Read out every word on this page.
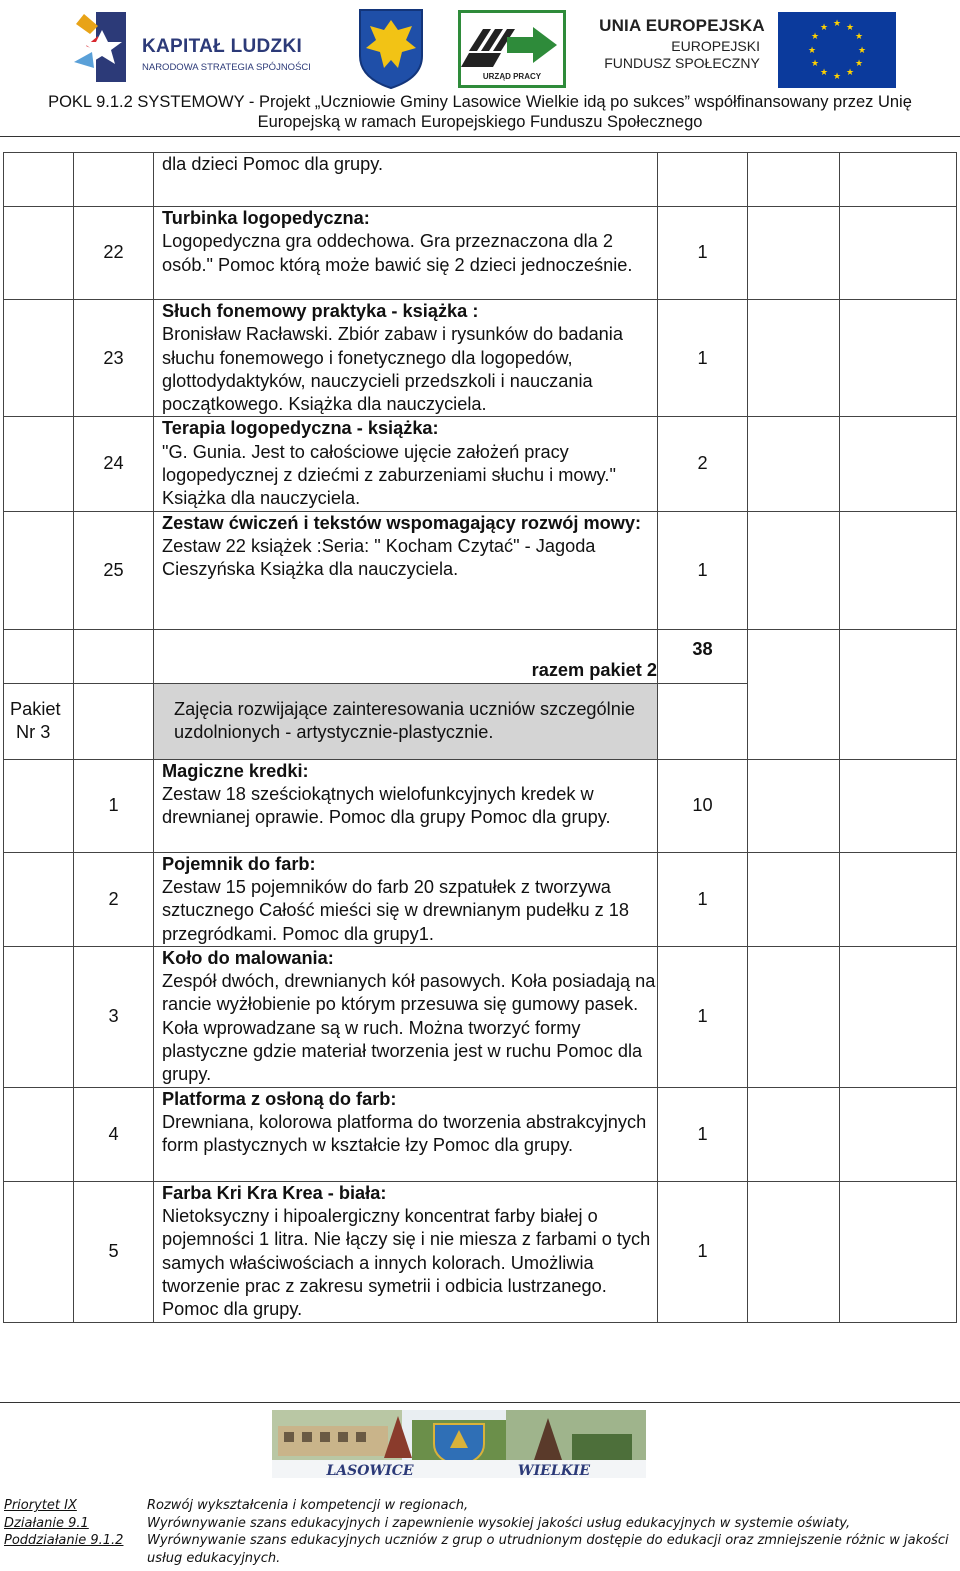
KAPITAŁ LUDZKI
NARODOWA STRATEGIA SPÓJNOŚCI
URZĄD PRACY
UNIA EUROPEJSKA
EUROPEJSKI
FUNDUSZ SPOŁECZNY
★ ★
★
★
★
★
★
★
★
★
★
★
POKL 9.1.2 SYSTEMOWY - Projekt „Uczniowie Gminy Lasowice Wielkie idą po sukces” współfinansowany przez Unię
Europejską w ramach Europejskiego Funduszu Społecznego
		dla dzieci Pomoc dla grupy.			
	22	Turbinka logopedyczna:
Logopedyczna gra oddechowa. Gra przeznaczona dla 2 osób." Pomoc którą może bawić się 2 dzieci jednocześnie.	1		
	23	Słuch fonemowy praktyka - książka :
Bronisław Racławski. Zbiór zabaw i rysunków do badania słuchu fonemowego i fonetycznego dla logopedów, glottodydaktyków, nauczycieli przedszkoli i nauczania początkowego. Książka dla nauczyciela.	1		
	24	Terapia logopedyczna - książka:
"G. Gunia. Jest to całościowe ujęcie założeń pracy logopedycznej z dziećmi z zaburzeniami słuchu i mowy." Książka dla nauczyciela.	2		
	25	Zestaw ćwiczeń i tekstów wspomagający rozwój mowy:
Zestaw 22 książek :Seria: " Kocham Czytać" - Jagoda Cieszyńska Książka dla nauczyciela.	1		
		razem pakiet 2	38		
Pakiet
Nr 3		Zajęcia rozwijające zainteresowania uczniów szczególnie uzdolnionych - artystycznie-plastycznie.			
	1	Magiczne kredki:
Zestaw 18 sześciokątnych wielofunkcyjnych kredek w drewnianej oprawie. Pomoc dla grupy Pomoc dla grupy.	10		
	2	Pojemnik do farb:
Zestaw 15 pojemników do farb 20 szpatułek z tworzywa sztucznego Całość mieści się w drewnianym pudełku z 18 przegródkami. Pomoc dla grupy1.	1		
	3	Koło do malowania:
Zespół dwóch, drewnianych kół pasowych. Koła posiadają na rancie wyżłobienie po którym przesuwa się gumowy pasek. Koła wprowadzane są w ruch. Można tworzyć formy plastyczne gdzie materiał tworzenia jest w ruchu Pomoc dla grupy.	1		
	4	Platforma z osłoną do farb:
Drewniana, kolorowa platforma do tworzenia abstrakcyjnych form plastycznych w kształcie łzy Pomoc dla grupy.	1		
	5	Farba Kri Kra Krea - biała:
Nietoksyczny i hipoalergiczny koncentrat farby białej o pojemności 1 litra. Nie łączy się i nie miesza z farbami o tych samych właściwościach a innych kolorach. Umożliwia tworzenie prac z zakresu symetrii i odbicia lustrzanego. Pomoc dla grupy.	1		
LASOWICE	WIELKIE
Priorytet IX
Działanie 9.1
Poddziałanie 9.1.2
Rozwój wykształcenia i kompetencji w regionach,
Wyrównywanie szans edukacyjnych i zapewnienie wysokiej jakości usług edukacyjnych w systemie oświaty,
Wyrównywanie szans edukacyjnych uczniów z grup o utrudnionym dostępie do edukacji oraz zmniejszenie różnic w jakości usług edukacyjnych.
